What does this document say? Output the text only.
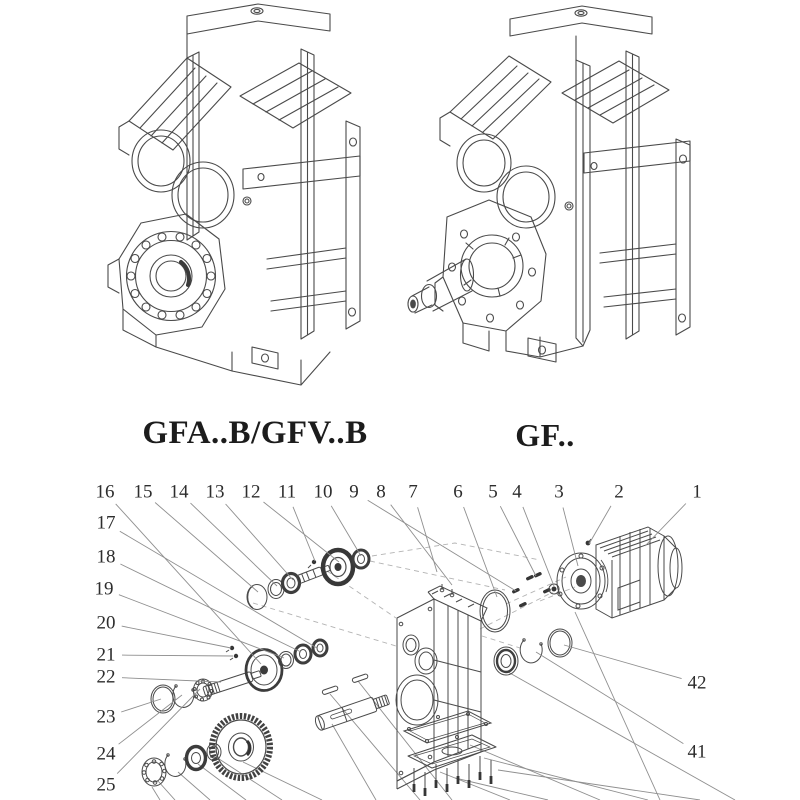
1
2
3
4
5
6
7
8
9
10
11
12
13
14
15
16
17
18
19
20
21
22
23
24
25
41
42
GFA..B/GFV..B	GF..
